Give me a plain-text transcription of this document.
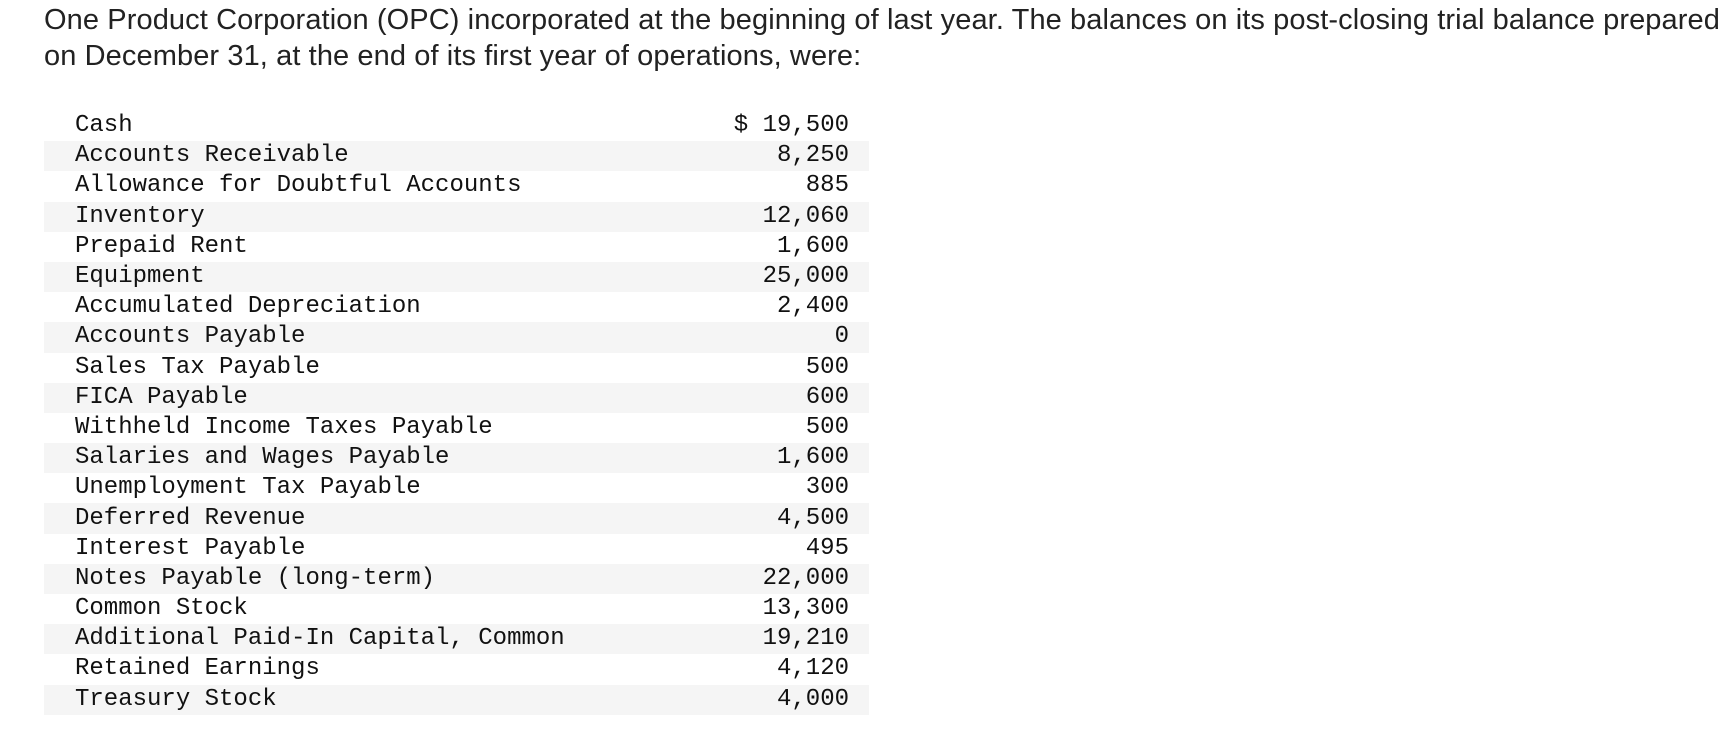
One Product Corporation (OPC) incorporated at the beginning of last year. The balances on its post-closing trial balance prepared on December 31, at the end of its first year of operations, were:
Cash	$ 19,500
Accounts Receivable	8,250
Allowance for Doubtful Accounts	885
Inventory	12,060
Prepaid Rent	1,600
Equipment	25,000
Accumulated Depreciation	2,400
Accounts Payable	0
Sales Tax Payable	500
FICA Payable	600
Withheld Income Taxes Payable	500
Salaries and Wages Payable	1,600
Unemployment Tax Payable	300
Deferred Revenue	4,500
Interest Payable	495
Notes Payable (long-term)	22,000
Common Stock	13,300
Additional Paid-In Capital, Common	19,210
Retained Earnings	4,120
Treasury Stock	4,000
